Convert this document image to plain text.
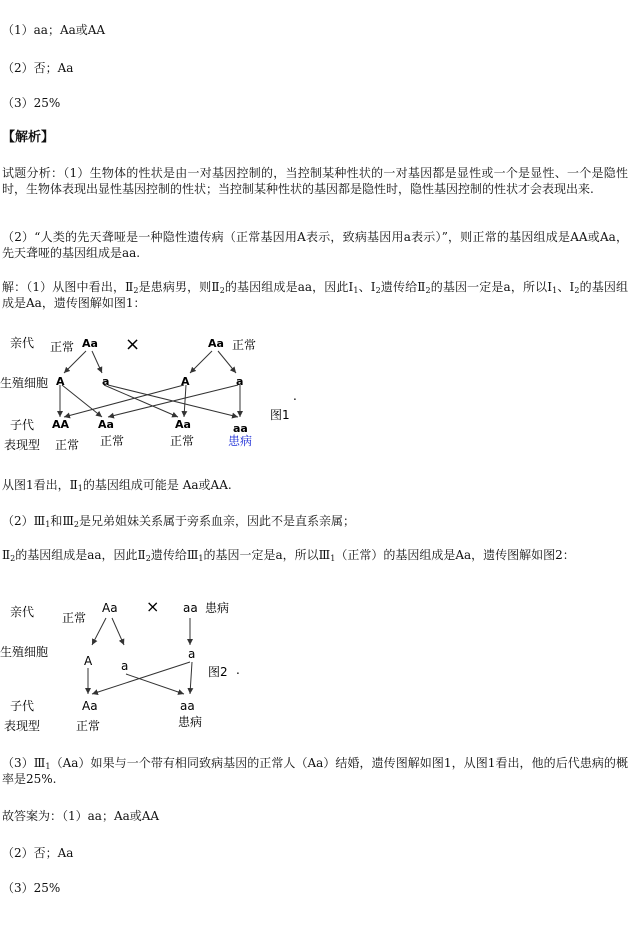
（1）aa；Aa或AA
（2）否；Aa
（3）25%
【解析】
试题分析：（1）生物体的性状是由一对基因控制的，当控制某种性状的一对基因都是显性或一个是显性、一个是隐性时，生物体表现出显性基因控制的性状；当控制某种性状的基因都是隐性时，隐性基因控制的性状才会表现出来.
（2）“人类的先天聋哑是一种隐性遗传病（正常基因用A表示，致病基因用a表示）”，则正常的基因组成是AA或Aa，先天聋哑的基因组成是aa.
解：（1）从图中看出，$Ⅱ_2$是患病男，则$Ⅱ_2$的基因组成是aa，因此$Ⅰ_1$、$Ⅰ_2$遗传给$Ⅱ_2$的基因一定是a，所以$Ⅰ_1$、$Ⅰ_2$的基因组成是Aa，遗传图解如图1：
亲代
生殖细胞
子代
表现型
正常 Aa ×	Aa 正常
A	a	A	a
AA	Aa	Aa	aa
正常 正常	正常	患病
图1
.
从图1看出，$Ⅱ_1$的基因组成可能是 Aa或AA.
$(2)Ⅲ_1$和$Ⅲ_2$是兄弟姐妹关系属于旁系血亲，因此不是直系亲属；
$Ⅱ_2$的基因组成是aa，因此$Ⅱ_2$遗传给$Ⅲ_1$的基因一定是a，所以$Ⅲ_1$（正常）的基因组成是Aa，遗传图解如图2：
亲代
生殖细胞
子代
表现型
正常
Aa × aa 患病
A a
a
Aa	aa
正常	患病
图2 .
$(3)Ⅲ_1(Aa)$如果与一个带有相同致病基因的正常人（Aa）结婚，遗传图解如图1，从图1看出，他的后代患病的概率是25%.
故答案为：（1）aa；Aa或AA
（2）否；Aa
（3）25%
